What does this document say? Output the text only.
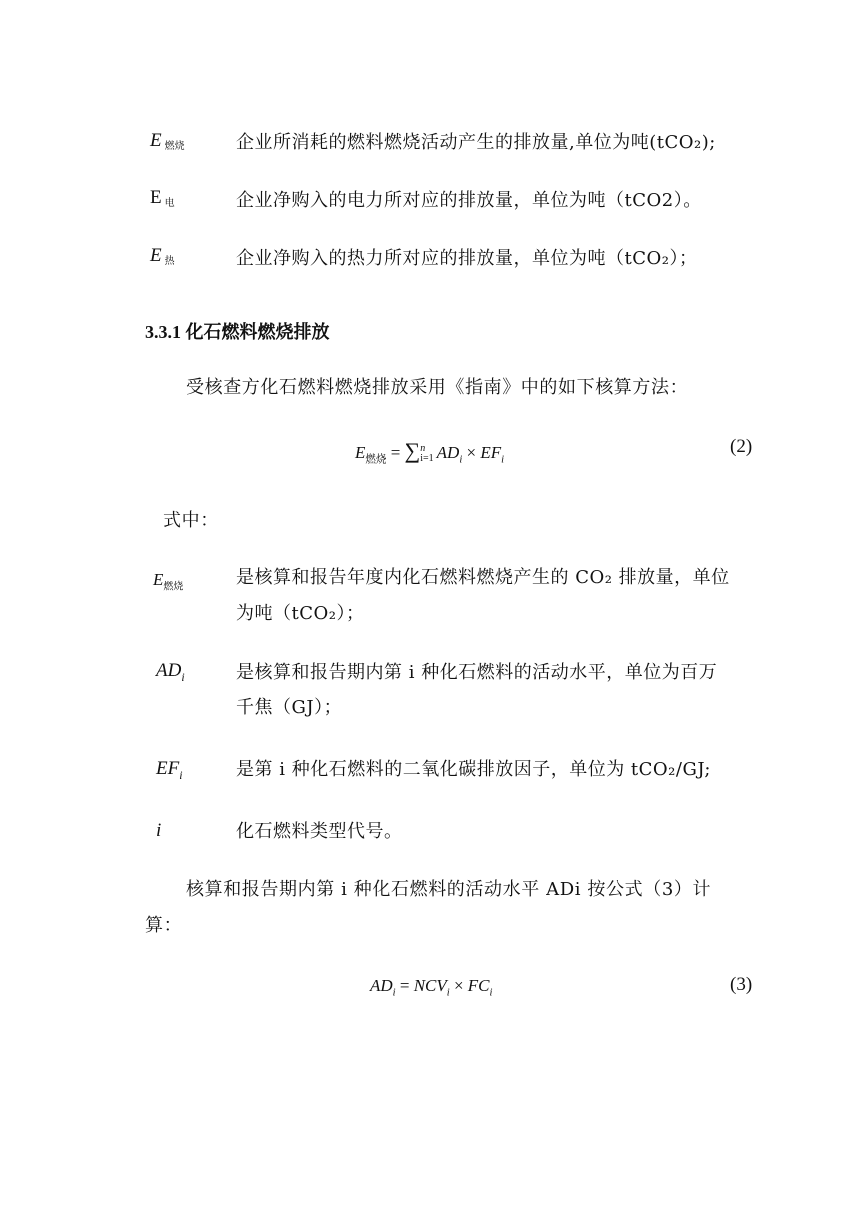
E燃烧	企业所消耗的燃料燃烧活动产生的排放量,单位为吨(tCO₂);
E电	企业净购入的电力所对应的排放量，单位为吨（tCO2）。
E热	企业净购入的热力所对应的排放量，单位为吨（tCO₂）；
3.3.1 化石燃料燃烧排放
受核查方化石燃料燃烧排放采用《指南》中的如下核算方法：
$E_{燃烧}$ = ∑ n
i=1 $AD_i \times EF_i$
(2)
式中：
$E_{燃烧}$	是核算和报告年度内化石燃料燃烧产生的 CO₂ 排放量，单位
为吨（tCO₂）；
$AD_i$	是核算和报告期内第 i 种化石燃料的活动水平，单位为百万
千焦（GJ）；
$EF_i$	是第 i 种化石燃料的二氧化碳排放因子，单位为 tCO₂/GJ;
i	化石燃料类型代号。
核算和报告期内第 i 种化石燃料的活动水平 ADi 按公式（3）计
算：
$AD_i = NCV_i \times FC_i$	(3)
